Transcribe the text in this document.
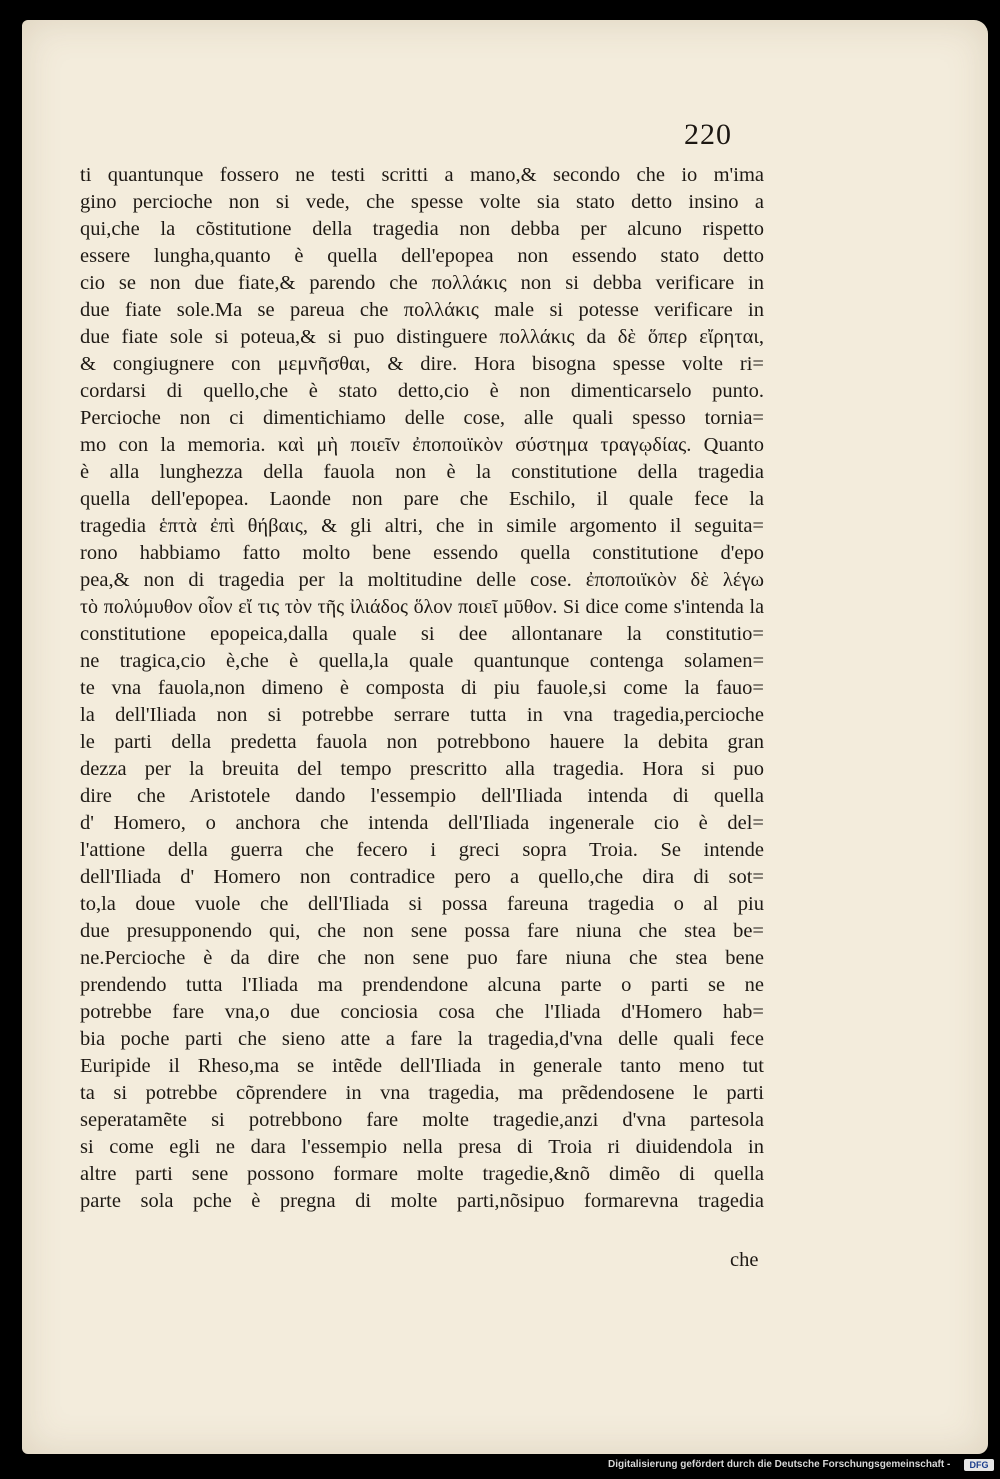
220
ti quantunque fossero ne testi scritti a mano,& secondo che io m'ima
gino percioche non si vede, che spesse volte sia stato detto insino a
qui,che la cõstitutione della tragedia non debba per alcuno rispetto
essere lungha,quanto è quella dell'epopea non essendo stato detto
cio se non due fiate,& parendo che πολλάκις non si debba verificare in
due fiate sole.Ma se pareua che πολλάκις male si potesse verificare in
due fiate sole si poteua,& si puo distinguere πολλάκις da δὲ ὅπερ εἴρηται,
& congiugnere con μεμνῆσθαι, & dire. Hora bisogna spesse volte ri=
cordarsi di quello,che è stato detto,cio è non dimenticarselo punto.
Percioche non ci dimentichiamo delle cose, alle quali spesso tornia=
mo con la memoria. καὶ μὴ ποιεῖν ἐποποιϊκὸν σύστημα τραγῳδίας. Quanto
è alla lunghezza della fauola non è la constitutione della tragedia
quella dell'epopea. Laonde non pare che Eschilo, il quale fece la
tragedia ἑπτὰ ἐπὶ θήβαις, & gli altri, che in simile argomento il seguita=
rono habbiamo fatto molto bene essendo quella constitutione d'epo
pea,& non di tragedia per la moltitudine delle cose. ἐποποιϊκὸν δὲ λέγω
τὸ πολύμυθον οἷον εἴ τις τὸν τῆς ἰλιάδος ὅλον ποιεῖ μῦθον. Si dice come s'intenda la
constitutione epopeica,dalla quale si dee allontanare la constitutio=
ne tragica,cio è,che è quella,la quale quantunque contenga solamen=
te vna fauola,non dimeno è composta di piu fauole,si come la fauo=
la dell'Iliada non si potrebbe serrare tutta in vna tragedia,percioche
le parti della predetta fauola non potrebbono hauere la debita gran
dezza per la breuita del tempo prescritto alla tragedia. Hora si puo
dire che Aristotele dando l'essempio dell'Iliada intenda di quella
d' Homero, o anchora che intenda dell'Iliada ingenerale cio è del=
l'attione della guerra che fecero i greci sopra Troia. Se intende
dell'Iliada d' Homero non contradice pero a quello,che dira di sot=
to,la doue vuole che dell'Iliada si possa fareuna tragedia o al piu
due presupponendo qui, che non sene possa fare niuna che stea be=
ne.Percioche è da dire che non sene puo fare niuna che stea bene
prendendo tutta l'Iliada ma prendendone alcuna parte o parti se ne
potrebbe fare vna,o due conciosia cosa che l'Iliada d'Homero hab=
bia poche parti che sieno atte a fare la tragedia,d'vna delle quali fece
Euripide il Rheso,ma se intẽde dell'Iliada in generale tanto meno tut
ta si potrebbe cõprendere in vna tragedia, ma prẽdendosene le parti
seperatamẽte si potrebbono fare molte tragedie,anzi d'vna partesola
si come egli ne dara l'essempio nella presa di Troia ri diuidendola in
altre parti sene possono formare molte tragedie,&nõ dimẽo di quella
parte sola pche è pregna di molte parti,nõsipuo formarevna tragedia
che
Digitalisierung gefördert durch die Deutsche Forschungsgemeinschaft -	DFG
